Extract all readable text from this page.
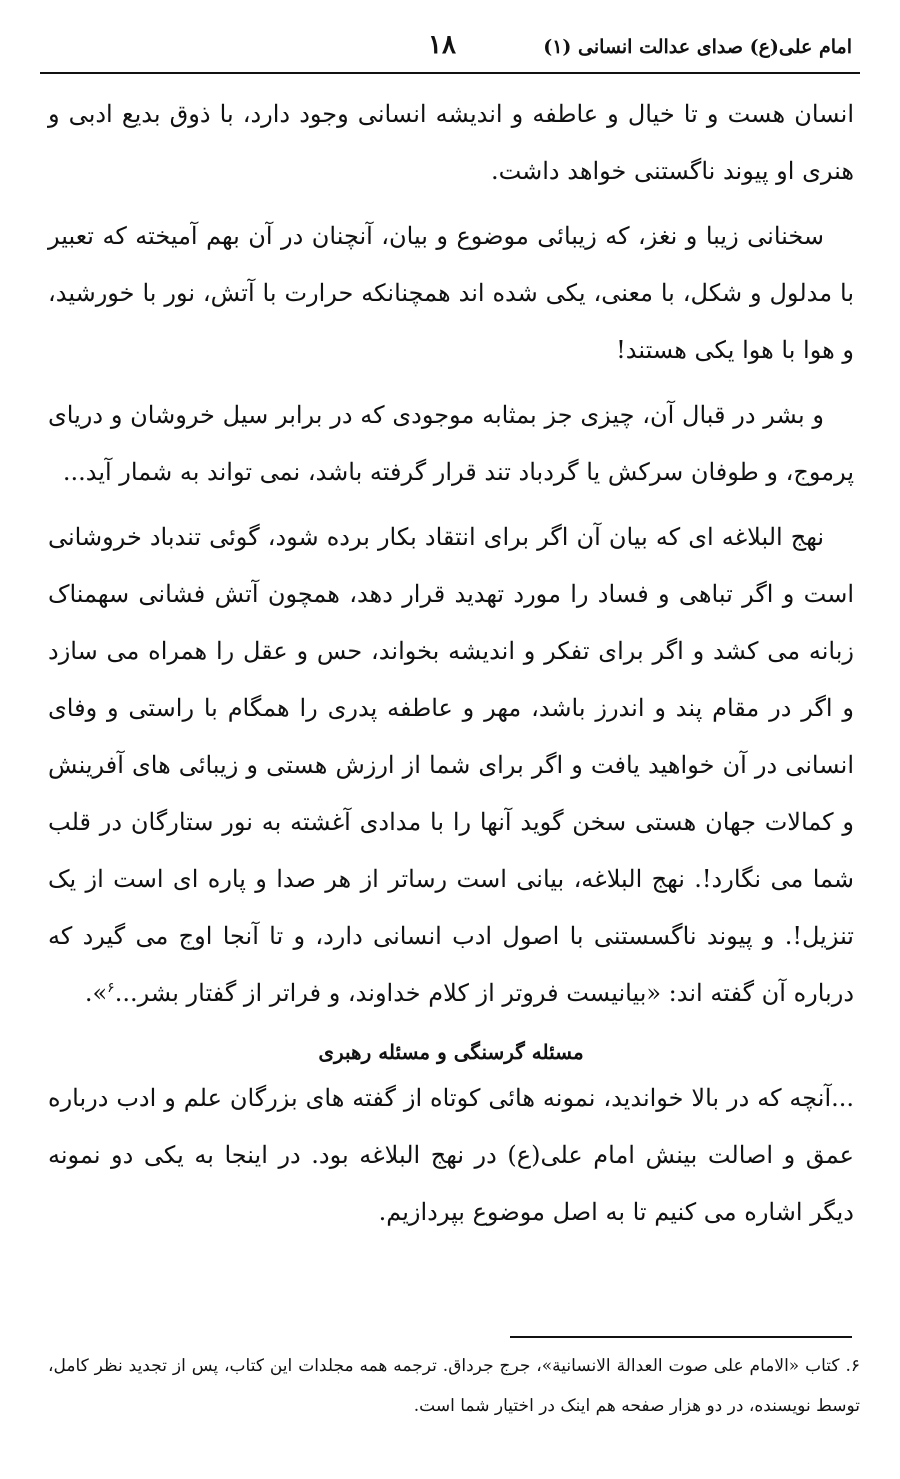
امام علی(ع) صدای عدالت انسانی (۱)
۱۸

انسان هست و تا خیال و عاطفه و اندیشه انسانی وجود دارد، با ذوق بدیع ادبی و هنری او پیوند ناگستنی خواهد داشت.

سخنانی زیبا و نغز، که زیبائی موضوع و بیان، آنچنان در آن بهم آمیخته که تعبیر با مدلول و شکل، با معنی، یکی شده اند همچنانکه حرارت با آتش، نور با خورشید، و هوا با هوا یکی هستند!

و بشر در قبال آن، چیزی جز بمثابه موجودی که در برابر سیل خروشان و دریای پرموج، و طوفان سرکش یا گردباد تند قرار گرفته باشد، نمی تواند به شمار آید...

نهج البلاغه ای که بیان آن اگر برای انتقاد بکار برده شود، گوئی تندباد خروشانی است و اگر تباهی و فساد را مورد تهدید قرار دهد، همچون آتش فشانی سهمناک زبانه می کشد و اگر برای تفکر و اندیشه بخواند، حس و عقل را همراه می سازد و اگر در مقام پند و اندرز باشد، مهر و عاطفه پدری را همگام با راستی و وفای انسانی در آن خواهید یافت و اگر برای شما از ارزش هستی و زیبائی های آفرینش و کمالات جهان هستی سخن گوید آنها را با مدادی آغشته به نور ستارگان در قلب شما می نگارد!. نهج البلاغه، بیانی است رساتر از هر صدا و پاره ای است از یک تنزیل!. و پیوند ناگسستنی با اصول ادب انسانی دارد، و تا آنجا اوج می گیرد که درباره آن گفته اند: «بیانیست فروتر از کلام خداوند، و فراتر از گفتار بشر...$^۶$».

مسئله گرسنگی و مسئله رهبری

...آنچه که در بالا خواندید، نمونه هائی کوتاه از گفته های بزرگان علم و ادب درباره عمق و اصالت بینش امام علی(ع) در نهج البلاغه بود. در اینجا به یکی دو نمونه دیگر اشاره می کنیم تا به اصل موضوع بپردازیم.

۶. کتاب «الامام علی صوت العدالة الانسانیة»، جرج جرداق. ترجمه همه مجلدات این کتاب، پس از تجدید نظر کامل، توسط نویسنده، در دو هزار صفحه هم اینک در اختیار شما است.
